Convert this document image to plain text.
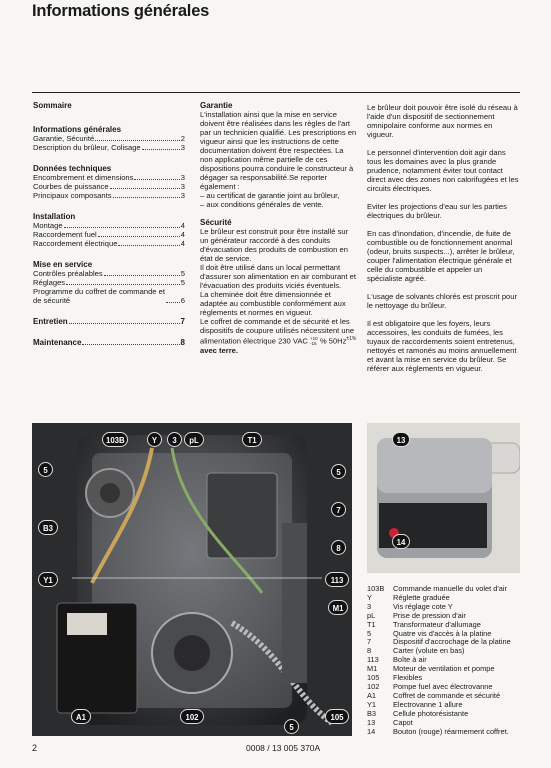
Informations générales
Sommaire
Informations générales
Garantie, Sécurité	2
Description du brûleur, Colisage	3
Données techniques
Encombrement et dimensions	3
Courbes de puissance	3
Principaux composants	3
Installation
Montage	4
Raccordement fuel	4
Raccordement électrique	4
Mise en service
Contrôles préalables	5
Réglages	5
Programme du coffret de commande et de sécurité	6
Entretien	7
Maintenance	8
Garantie

L'installation ainsi que la mise en service doivent être réalisées dans les règles de l'art par un technicien qualifié. Les prescriptions en vigueur ainsi que les instructions de cette documentation doivent être respectées. La non application même partielle de ces dispositions pourra conduire le constructeur à dégager sa responsabilité.Se reporter également :

– au certificat de garantie joint au brûleur,

– aux conditions générales de vente.

Sécurité

Le brûleur est construit pour être installé sur un générateur raccordé à des conduits d'évacuation des produits de combustion en état de service.

Il doit être utilisé dans un local permettant d'assurer son alimentation en air comburant et l'évacuation des produits viciés éventuels.

La cheminée doit être dimensionnée et adaptée au combustible conformément aux règlements et normes en vigueur.

Le coffret de commande et de sécurité et les dispositifs de coupure utilisés nécessitent une alimentation électrique 230 VAC +10
-15 % $50Hz^{\pm 1\%}$ avec terre.

Le brûleur doit pouvoir être isolé du réseau à l'aide d'un dispositif de sectionnement omnipolaire conforme aux normes en vigueur.

Le personnel d'intervention doit agir dans tous les domaines avec la plus grande prudence, notamment éviter tout contact direct avec des zones non calorifugées et les circuits électriques.

Eviter les projections d'eau sur les parties électriques du brûleur.

En cas d'inondation, d'incendie, de fuite de combustible ou de fonctionnement anormal (odeur, bruits suspects...), arrêter le brûleur, couper l'alimentation électrique générale et celle du combustible et appeler un spécialiste agréé.

L'usage de solvants chlorés est proscrit pour le nettoyage du brûleur.

Il est obligatoire que les foyers, leurs accessoires, les conduits de fumées, les tuyaux de raccordements soient entretenus, nettoyés et ramonés au moins annuellement et avant la mise en service du brûleur. Se référer aux règlements en vigueur.

103B	Y	3	pL	T1
5
B3
Y1
A1
5
7
8
113
M1
105
102
5
13
14
103B	Commande manuelle du volet d'air
Y	Réglette graduée
3	Vis réglage cote Y
pL	Prise de pression d'air
T1	Transformateur d'allumage
5	Quatre vis d'accès à la platine
7	Dispositif d'accrochage de la platine
8	Carter (volute en bas)
113	Boîte à air
M1	Moteur de ventilation et pompe
105	Flexibles
102	Pompe fuel avec électrovanne
A1	Coffret de commande et sécurité
Y1	Electrovanne 1 allure
B3	Cellule photorésistante
13	Capot
14	Bouton (rouge) réarmement coffret.
2	0008 / 13 005 370A
